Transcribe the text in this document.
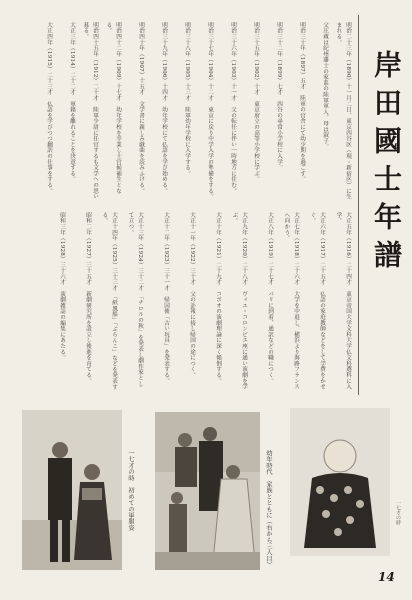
岸田國士年譜
明治二十三年（1890）十一月二日、東京四谷区（現・新宿区）に生まれる。
父庄蔵は紀州藩士の家系の陸軍軍人、母は淑子。
明治三十年（1897）五才　陸軍の官舎にて幼少期を過ごす。
明治三十二年（1899）七才　四谷の尋常小学校に入学。
明治三十五年（1902）十才　東京府立の高等小学校に学ぶ。
明治三十六年（1903）十一才　父の転任に伴い一時地方に住む。
明治三十七年（1904）十二才　東京に戻り中学入学の準備をする。
明治三十八年（1905）十三才　陸軍幼年学校に入学する。
明治三十九年（1906）十四才　幼年学校にて仏語を学び始める。
明治四十年（1907）十五才　文学書に親しみ戯曲を読みふける。
明治四十二年（1909）十七才　幼年学校を卒業し士官候補生となる。
明治四十五年（1912）二十才　陸軍少尉に任官するも文学への思い募る。
大正三年（1914）二十二才　軍籍を離れることを決意する。
大正四年（1915）二十三才　仏語を学びつつ翻訳の仕事をする。
大正五年（1916）二十四才　東京帝国大学文科大学仏文科選科に入学。
大正六年（1917）二十五才　仏語の家庭教師などをして学費をかせぐ。
大正七年（1918）二十六才　大学を中退し、横浜より海路フランスへ向かう。
大正八年（1919）二十七才　パリに到着、通訳などの職につく。
大正九年（1920）二十八才　ヴィユ・コロンビエ座に通い演劇を学ぶ。
大正十年（1921）二十九才　コポオの演劇理論に深く傾倒する。
大正十一年（1922）三十才　父の訃報に接し帰国の途につく。
大正十二年（1923）三十一才　帰国後「古い玩具」を発表する。
大正十三年（1924）三十二才　「チロルの秋」を発表し劇作家として立つ。
大正十四年（1925）三十三才　「紙風船」「ぶらんこ」などを発表する。
昭和二年（1927）三十五才　新劇研究所を設立し後進を育てる。
昭和三年（1928）三十六才　演劇雑誌の編集にあたる。
一七才の時　初めての軍服姿	幼年時代　家族とともに（右から三人目）	一七才の時
14
